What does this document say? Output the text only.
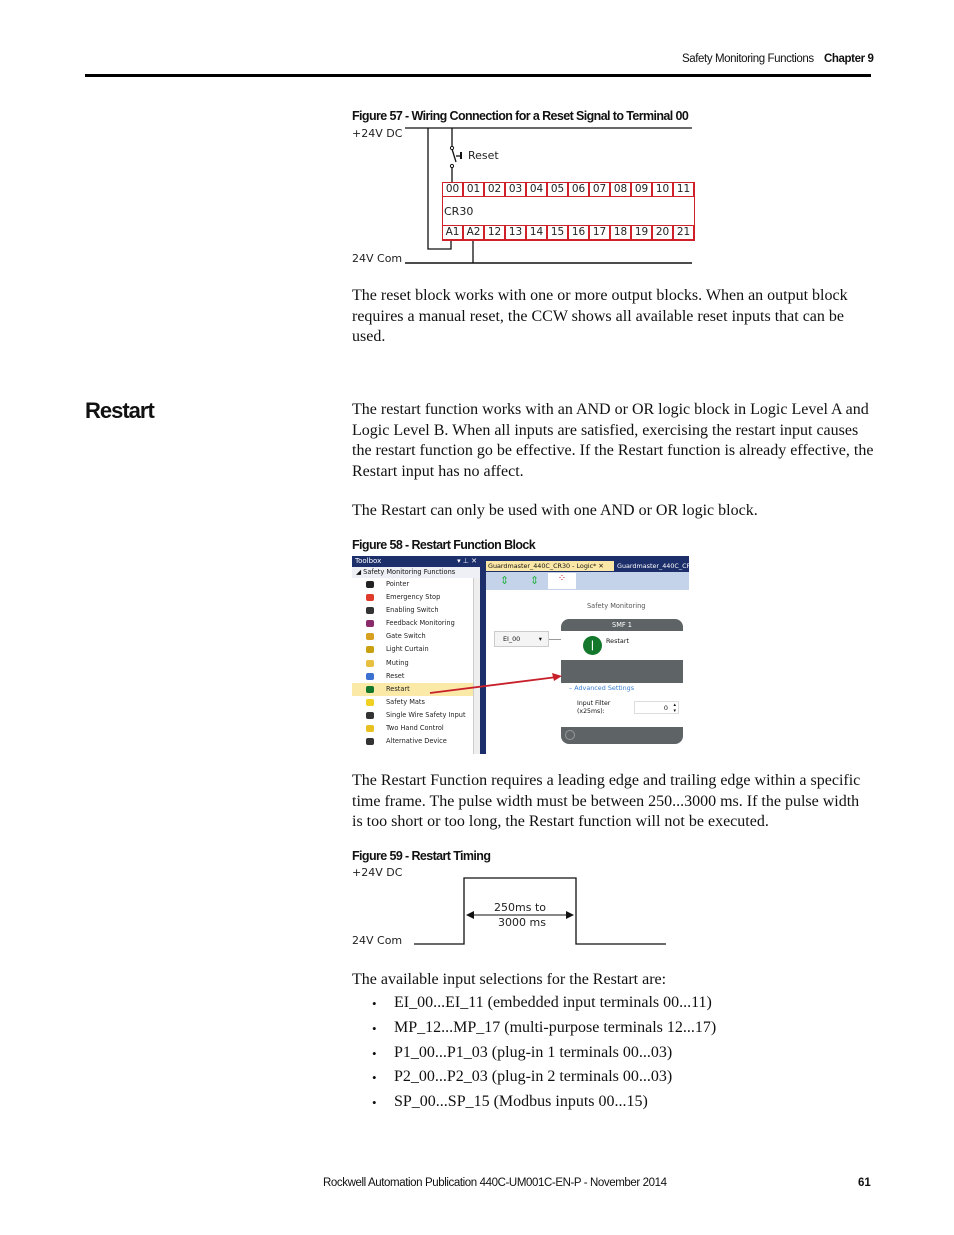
Safety Monitoring Functions Chapter 9
Figure 57 - Wiring Connection for a Reset Signal to Terminal 00
+24V DC
Reset
24V Com
CR30
00 01 02 03 04 05 06 07 08 09 10 11
A1 A2 12 13 14 15 16 17 18 19 20 21
The reset block works with one or more output blocks. When an output block requires a manual reset, the CCW shows all available reset inputs that can be used.
Restart	The restart function works with an AND or OR logic block in Logic Level A and Logic Level B. When all inputs are satisfied, exercising the restart input causes the restart function go be effective. If the Restart function is already effective, the Restart input has no affect.
The Restart can only be used with one AND or OR logic block.
Figure 58 - Restart Function Block
Toolbox	▾ ⊥ ✕
◢ Safety Monitoring Functions
Pointer
Emergency Stop
Enabling Switch
Feedback Monitoring
Gate Switch
Light Curtain
Muting
Reset
Restart
Safety Mats
Single Wire Safety Input
Two Hand Control
Alternative Device
Guardmaster_440C_CR30 - Logic* ✕	Guardmaster_440C_CR30
⇕ ⇕	⁘
Safety Monitoring
EI_00	▾
SMF 1
|	Restart
– Advanced Settings
Input Filter (x25ms):	0 ▴
▾
The Restart Function requires a leading edge and trailing edge within a specific time frame. The pulse width must be between 250...3000 ms. If the pulse width is too short or too long, the Restart function will not be executed.
Figure 59 - Restart Timing
+24V DC
24V Com
250ms to
3000 ms
The available input selections for the Restart are:
• EI_00...EI_11 (embedded input terminals 00...11)
• MP_12...MP_17 (multi-purpose terminals 12...17)
• P1_00...P1_03 (plug-in 1 terminals 00...03)
• P2_00...P2_03 (plug-in 2 terminals 00...03)
• SP_00...SP_15 (Modbus inputs 00...15)
Rockwell Automation Publication 440C-UM001C-EN-P - November 2014	61
